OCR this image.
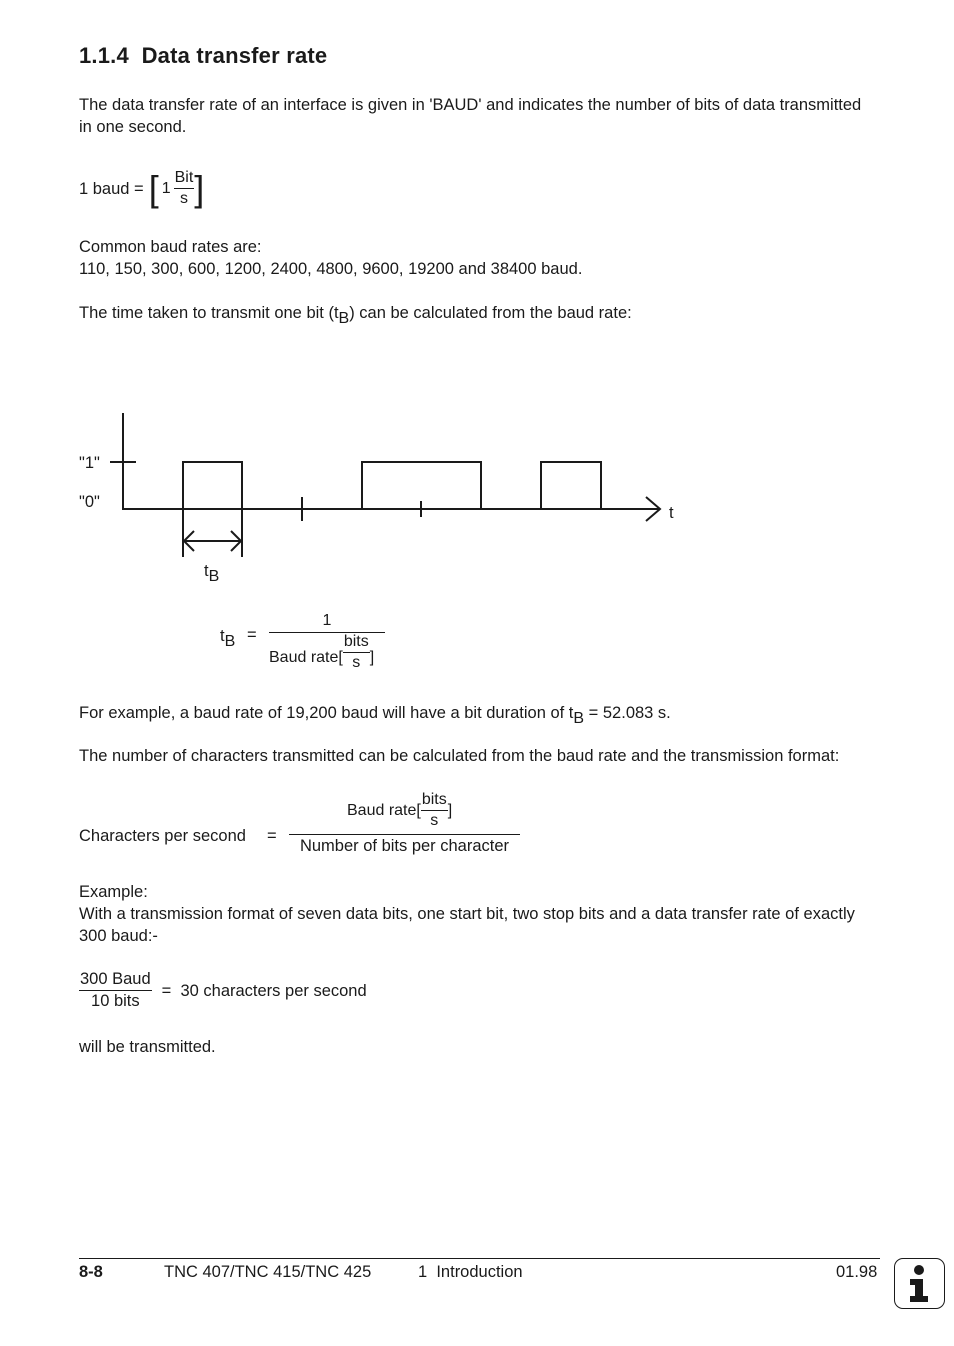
1.1.4 Data transfer rate
The data transfer rate of an interface is given in 'BAUD' and indicates the number of bits of data transmitted in one second.
1 baud = [ $1 \frac{\text{Bit}}{s}$ ]
Common baud rates are:
110, 150, 300, 600, 1200, 2400, 4800, 9600, 19200 and 38400 baud.
The time taken to transmit one bit $(t_B)$ can be calculated from the baud rate:
"1"
"0"
t
$t_B$
$t_B$ =
1
Baud rate[ $\frac{\text{bits}}{s}$ ]
For example, a baud rate of 19,200 baud will have a bit duration of $t_B = 52.083$ s.
The number of characters transmitted can be calculated from the baud rate and the transmission format:
Characters per second =
Baud rate[ $\frac{\text{bits}}{s}$ ]
Number of bits per character
Example:
With a transmission format of seven data bits, one start bit, two stop bits and a data transfer rate of exactly 300 baud:-
$\frac{\text{300 Baud}}{\text{10 bits}} = 30$ characters per second
will be transmitted.
8-8	TNC 407/TNC 415/TNC 425	1  Introduction	01.98
